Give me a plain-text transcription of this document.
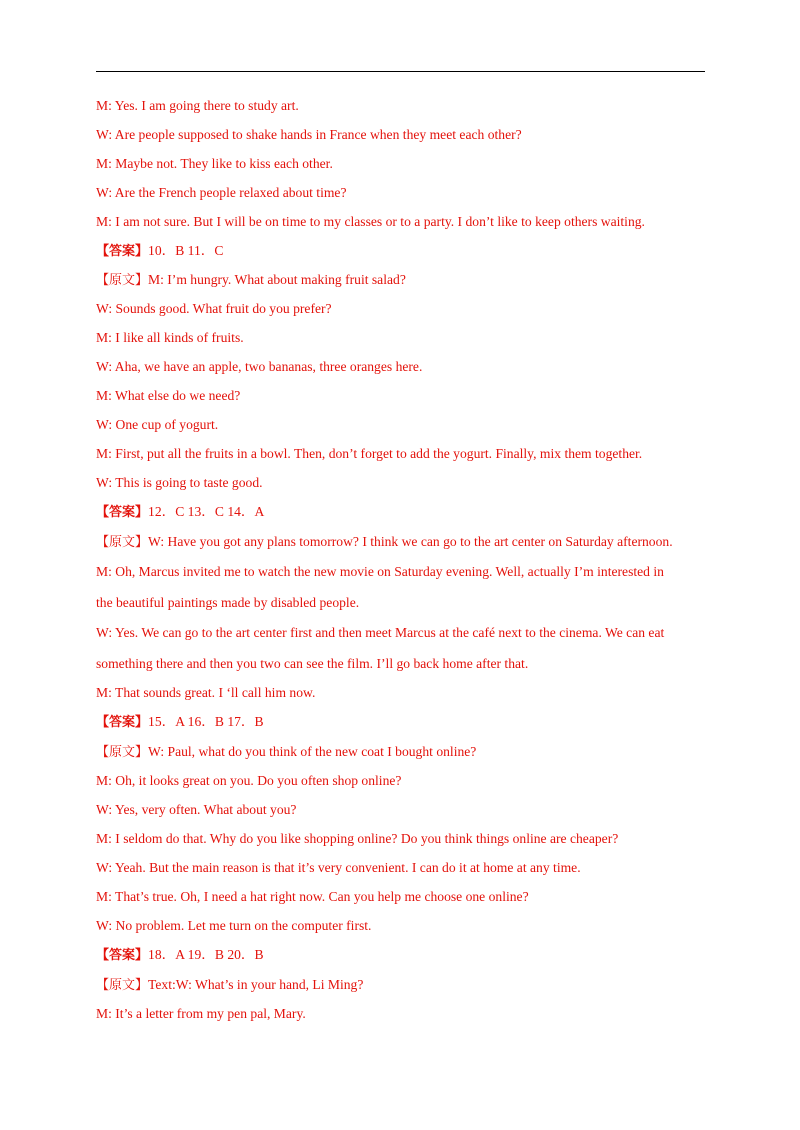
M: Yes. I am going there to study art.
W: Are people supposed to shake hands in France when they meet each other?
M: Maybe not. They like to kiss each other.
W: Are the French people relaxed about time?
M: I am not sure. But I will be on time to my classes or to a party. I don’t like to keep others waiting.
【答案】10．B 11．C
【原文】M: I’m hungry. What about making fruit salad?
W: Sounds good. What fruit do you prefer?
M: I like all kinds of fruits.
W: Aha, we have an apple, two bananas, three oranges here.
M: What else do we need?
W: One cup of yogurt.
M: First, put all the fruits in a bowl. Then, don’t forget to add the yogurt. Finally, mix them together.
W: This is going to taste good.
【答案】12．C 13．C 14．A
【原文】W: Have you got any plans tomorrow? I think we can go to the art center on Saturday afternoon.
M: Oh, Marcus invited me to watch the new movie on Saturday evening. Well, actually I’m interested in
the beautiful paintings made by disabled people.
W: Yes. We can go to the art center first and then meet Marcus at the café next to the cinema. We can eat
something there and then you two can see the film. I’ll go back home after that.
M: That sounds great. I ‘ll call him now.
【答案】15．A 16．B 17．B
【原文】W: Paul, what do you think of the new coat I bought online?
M: Oh, it looks great on you. Do you often shop online?
W: Yes, very often. What about you?
M: I seldom do that. Why do you like shopping online? Do you think things online are cheaper?
W: Yeah. But the main reason is that it’s very convenient. I can do it at home at any time.
M: That’s true. Oh, I need a hat right now. Can you help me choose one online?
W: No problem. Let me turn on the computer first.
【答案】18．A 19．B 20．B
【原文】Text:W: What’s in your hand, Li Ming?
M: It’s a letter from my pen pal, Mary.
